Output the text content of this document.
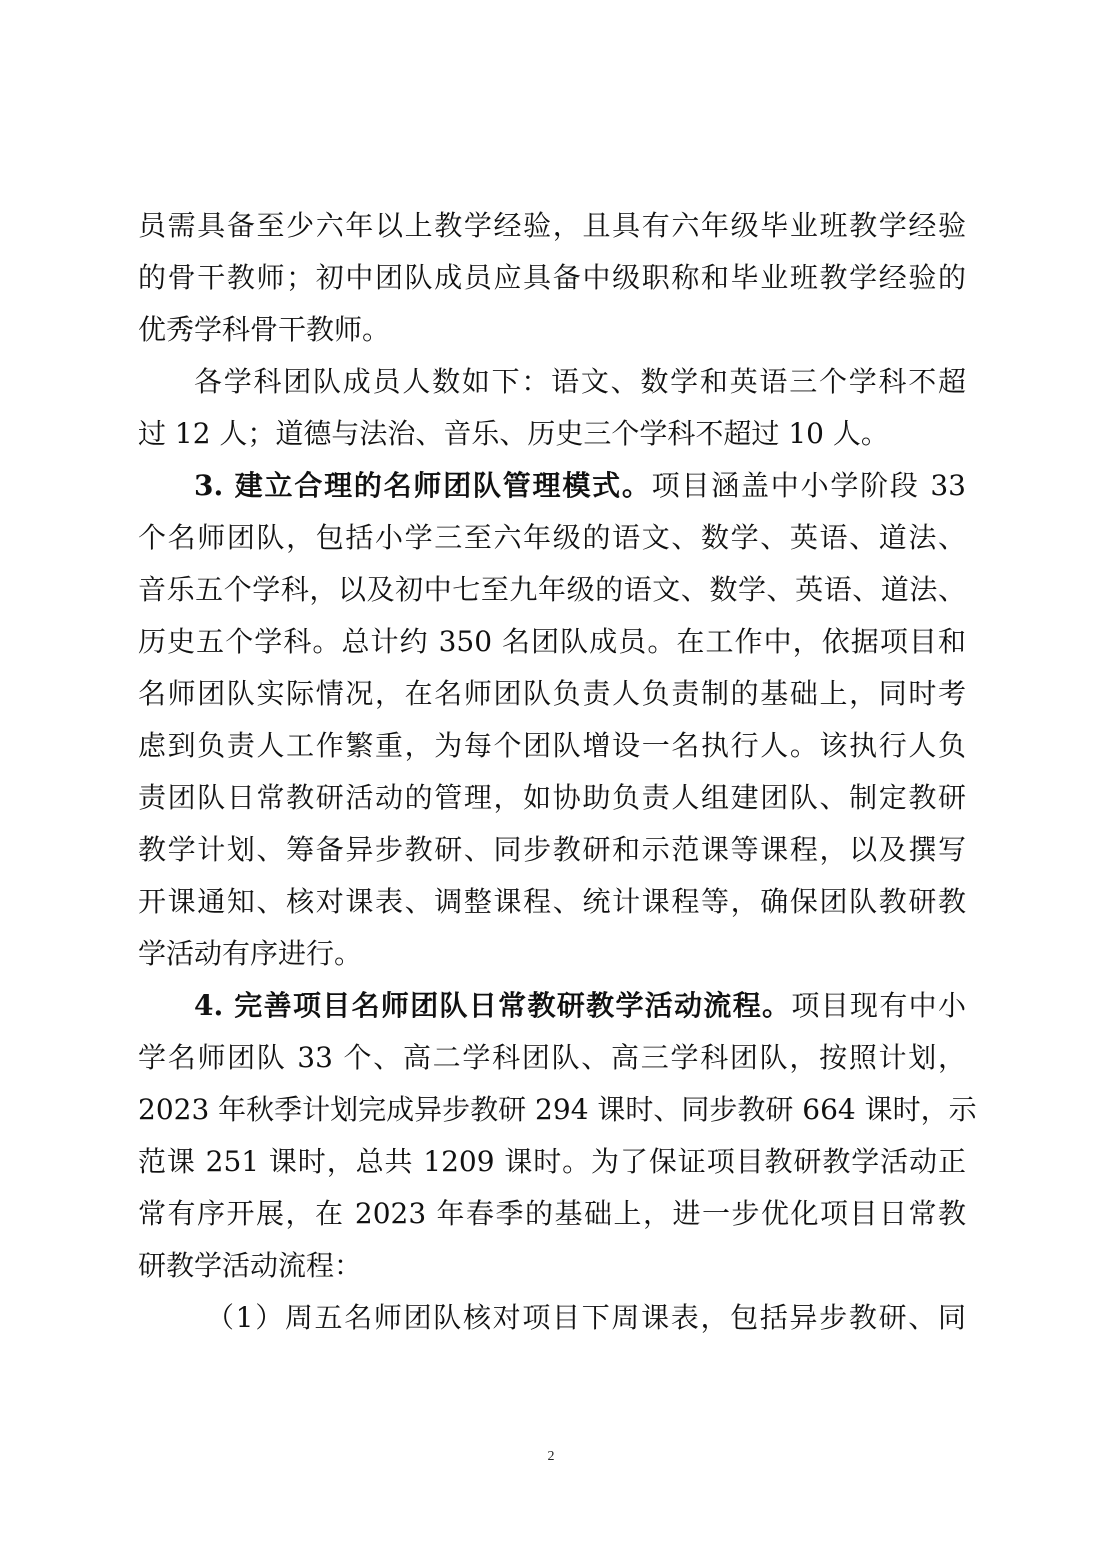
员需具备至少六年以上教学经验，且具有六年级毕业班教学经验
的骨干教师；初中团队成员应具备中级职称和毕业班教学经验的
优秀学科骨干教师。
各学科团队成员人数如下：语文、数学和英语三个学科不超
过 12 人；道德与法治、音乐、历史三个学科不超过 10 人。
3. 建立合理的名师团队管理模式。项目涵盖中小学阶段 33
个名师团队，包括小学三至六年级的语文、数学、英语、道法、
音乐五个学科，以及初中七至九年级的语文、数学、英语、道法、
历史五个学科。总计约 350 名团队成员。在工作中，依据项目和
名师团队实际情况，在名师团队负责人负责制的基础上，同时考
虑到负责人工作繁重，为每个团队增设一名执行人。该执行人负
责团队日常教研活动的管理，如协助负责人组建团队、制定教研
教学计划、筹备异步教研、同步教研和示范课等课程，以及撰写
开课通知、核对课表、调整课程、统计课程等，确保团队教研教
学活动有序进行。
4. 完善项目名师团队日常教研教学活动流程。项目现有中小
学名师团队 33 个、高二学科团队、高三学科团队，按照计划，
2023 年秋季计划完成异步教研 294 课时、同步教研 664 课时，示
范课 251 课时，总共 1209 课时。为了保证项目教研教学活动正
常有序开展，在 2023 年春季的基础上，进一步优化项目日常教
研教学活动流程：
（1）周五名师团队核对项目下周课表，包括异步教研、同
2
